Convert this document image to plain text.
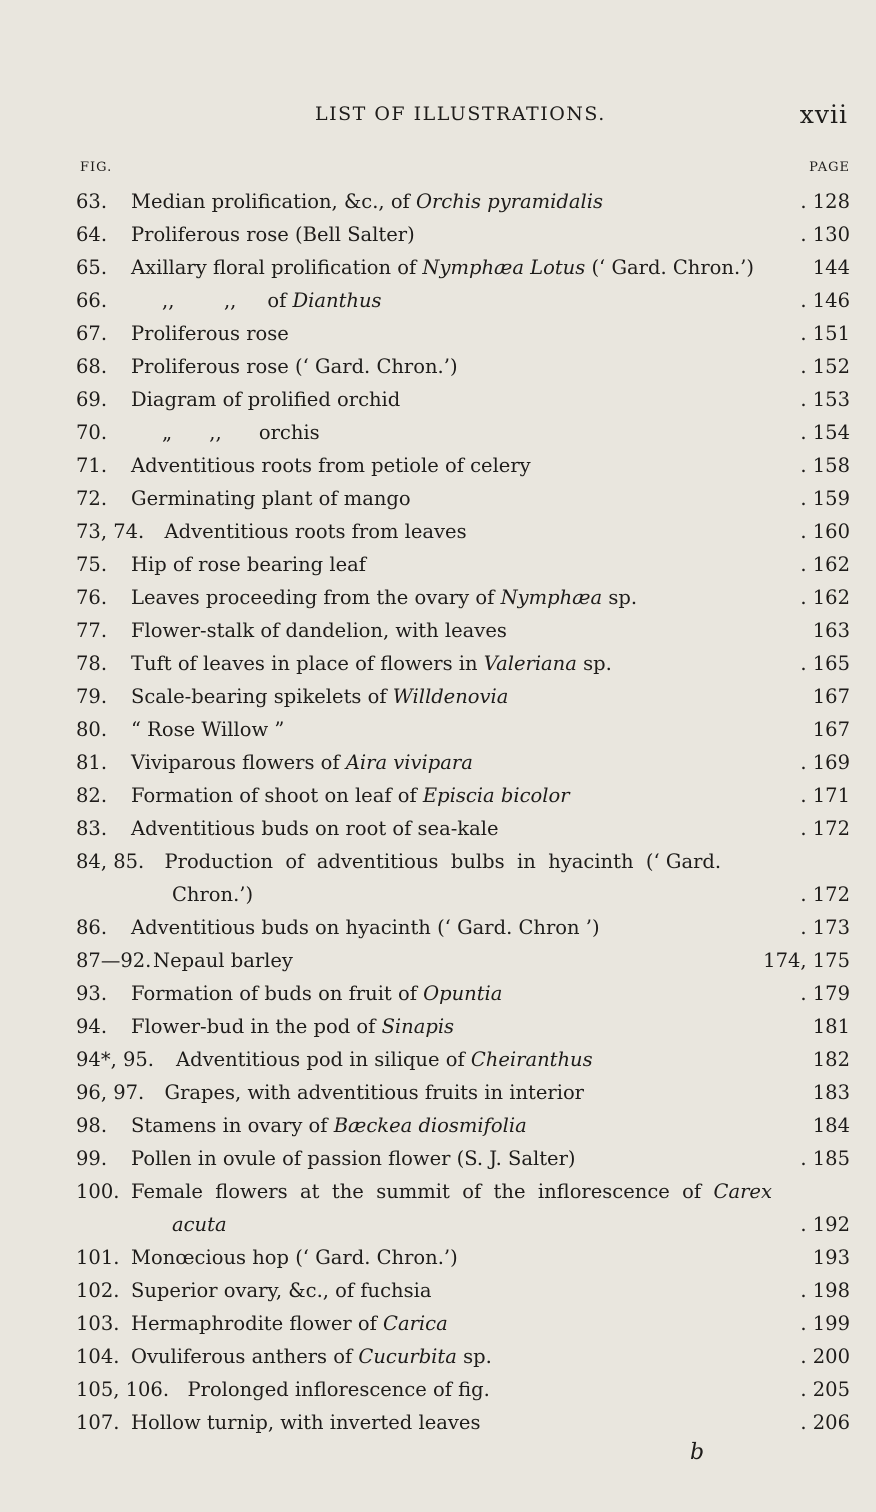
LIST OF ILLUSTRATIONS.	xvii
FIG.	PAGE
63. Median prolification, &c., of Orchis pyramidalis	. 128
64. Proliferous rose (Bell Salter)	. 130
65. Axillary floral prolification of Nymphæa Lotus (‘ Gard. Chron.’)	144
66. ,,        ,,     of Dianthus	. 146
67. Proliferous rose	. 151
68. Proliferous rose (‘ Gard. Chron.’)	. 152
69. Diagram of prolified orchid	. 153
70. „      ,,      orchis	. 154
71. Adventitious roots from petiole of celery	. 158
72. Germinating plant of mango	. 159
73, 74. Adventitious roots from leaves	. 160
75. Hip of rose bearing leaf	. 162
76. Leaves proceeding from the ovary of Nymphæa sp.	. 162
77. Flower-stalk of dandelion, with leaves	163
78. Tuft of leaves in place of flowers in Valeriana sp.	. 165
79. Scale-bearing spikelets of Willdenovia	167
80. “ Rose Willow ”	167
81. Viviparous flowers of Aira vivipara	. 169
82. Formation of shoot on leaf of Episcia bicolor	. 171
83. Adventitious buds on root of sea-kale	. 172
84, 85. Production  of  adventitious  bulbs  in  hyacinth  (‘ Gard.
Chron.’)	. 172
86. Adventitious buds on hyacinth (‘ Gard. Chron ’)	. 173
87—92. Nepaul barley	174, 175
93. Formation of buds on fruit of Opuntia	. 179
94. Flower-bud in the pod of Sinapis	181
94*, 95. Adventitious pod in silique of Cheiranthus	182
96, 97. Grapes, with adventitious fruits in interior	183
98. Stamens in ovary of Bæckea diosmifolia	184
99. Pollen in ovule of passion flower (S. J. Salter)	. 185
100. Female  flowers  at  the  summit  of  the  inflorescence  of  Carex
acuta	. 192
101. Monœcious hop (‘ Gard. Chron.’)	193
102. Superior ovary, &c., of fuchsia	. 198
103. Hermaphrodite flower of Carica	. 199
104. Ovuliferous anthers of Cucurbita sp.	. 200
105, 106. Prolonged inflorescence of fig.	. 205
107. Hollow turnip, with inverted leaves	. 206
b
